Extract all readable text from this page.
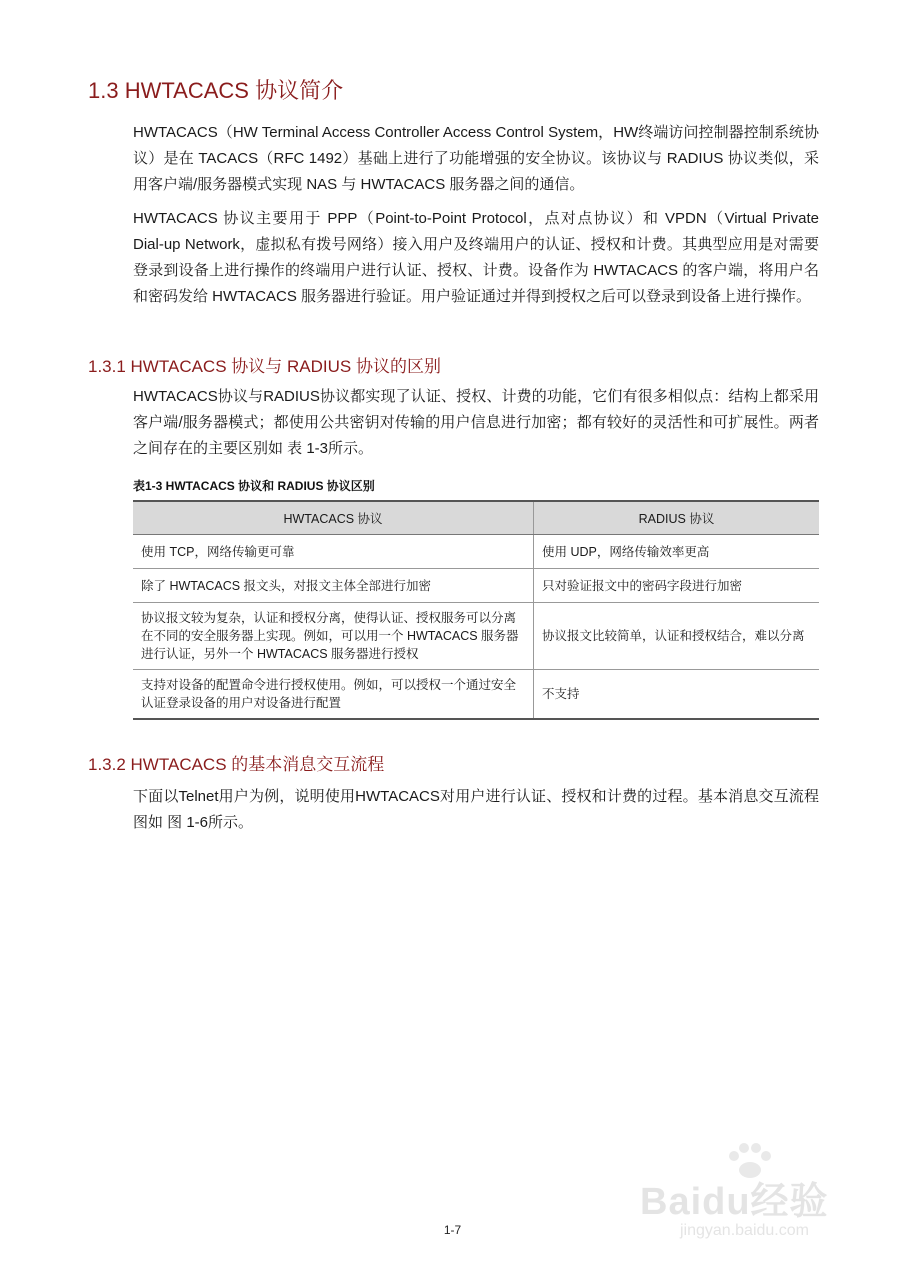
1.3 HWTACACS 协议简介

HWTACACS（HW Terminal Access Controller Access Control System，HW终端访问控制器控制系统协议）是在 TACACS（RFC 1492）基础上进行了功能增强的安全协议。该协议与 RADIUS 协议类似，采用客户端/服务器模式实现 NAS 与 HWTACACS 服务器之间的通信。

HWTACACS 协议主要用于 PPP（Point-to-Point Protocol，点对点协议）和 VPDN（Virtual Private Dial-up Network，虚拟私有拨号网络）接入用户及终端用户的认证、授权和计费。其典型应用是对需要登录到设备上进行操作的终端用户进行认证、授权、计费。设备作为 HWTACACS 的客户端，将用户名和密码发给 HWTACACS 服务器进行验证。用户验证通过并得到授权之后可以登录到设备上进行操作。

1.3.1 HWTACACS 协议与 RADIUS 协议的区别

HWTACACS协议与RADIUS协议都实现了认证、授权、计费的功能，它们有很多相似点：结构上都采用客户端/服务器模式；都使用公共密钥对传输的用户信息进行加密；都有较好的灵活性和可扩展性。两者之间存在的主要区别如 表 1-3所示。

表1-3 HWTACACS 协议和 RADIUS 协议区别
HWTACACS 协议	RADIUS 协议
使用 TCP，网络传输更可靠	使用 UDP，网络传输效率更高
除了 HWTACACS 报文头，对报文主体全部进行加密	只对验证报文中的密码字段进行加密
协议报文较为复杂，认证和授权分离，使得认证、授权服务可以分离在不同的安全服务器上实现。例如，可以用一个 HWTACACS 服务器进行认证，另外一个 HWTACACS 服务器进行授权	协议报文比较简单，认证和授权结合，难以分离
支持对设备的配置命令进行授权使用。例如，可以授权一个通过安全认证登录设备的用户对设备进行配置	不支持
1.3.2 HWTACACS 的基本消息交互流程

下面以Telnet用户为例，说明使用HWTACACS对用户进行认证、授权和计费的过程。基本消息交互流程图如 图 1-6所示。

Baidu经验
jingyan.baidu.com
1-7
